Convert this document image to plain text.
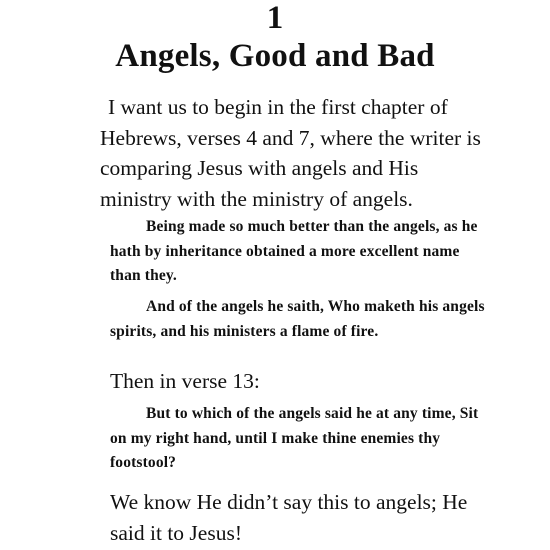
1
Angels, Good and Bad

I want us to begin in the first chapter of Hebrews, verses 4 and 7, where the writer is comparing Jesus with angels and His ministry with the ministry of angels.

Being made so much better than the angels, as he hath by inheritance obtained a more excellent name than they.

And of the angels he saith, Who maketh his angels spirits, and his ministers a flame of fire.

Then in verse 13:

But to which of the angels said he at any time, Sit on my right hand, until I make thine enemies thy footstool?

We know He didn’t say this to angels; He said it to Jesus!
